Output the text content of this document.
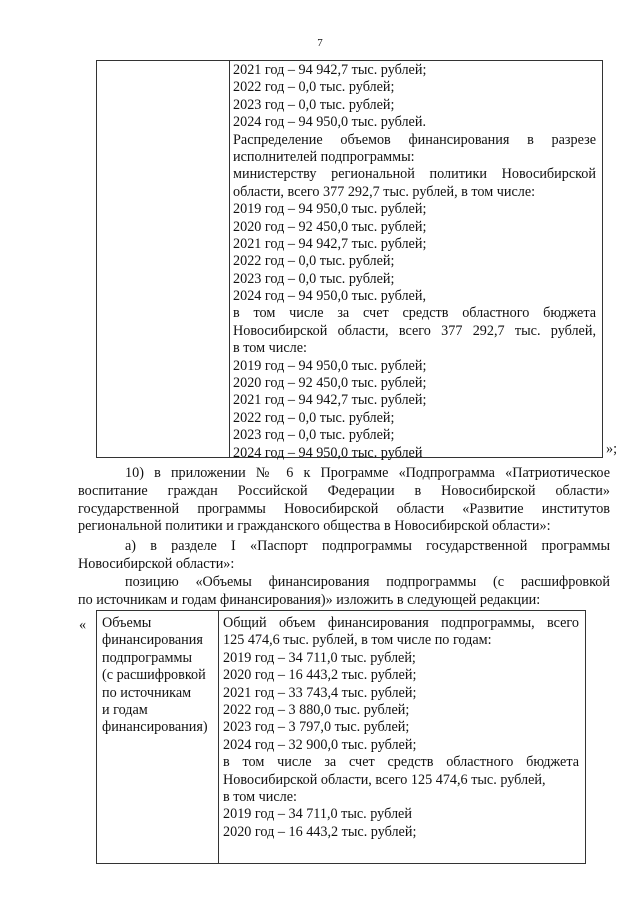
7
2021 год – 94 942,7 тыс. рублей;
2022 год – 0,0 тыс. рублей;
2023 год – 0,0 тыс. рублей;
2024 год – 94 950,0 тыс. рублей.
Распределение объемов финансирования в разрезе
исполнителей подпрограммы:
министерству региональной политики Новосибирской
области, всего 377 292,7 тыс. рублей, в том числе:
2019 год – 94 950,0 тыс. рублей;
2020 год – 92 450,0 тыс. рублей;
2021 год – 94 942,7 тыс. рублей;
2022 год – 0,0 тыс. рублей;
2023 год – 0,0 тыс. рублей;
2024 год – 94 950,0 тыс. рублей,
в том числе за счет средств областного бюджета
Новосибирской области, всего 377 292,7 тыс. рублей,
в том числе:
2019 год – 94 950,0 тыс. рублей;
2020 год – 92 450,0 тыс. рублей;
2021 год – 94 942,7 тыс. рублей;
2022 год – 0,0 тыс. рублей;
2023 год – 0,0 тыс. рублей;
2024 год – 94 950,0 тыс. рублей	»;
10) в приложении № 6 к Программе «Подпрограмма «Патриотическое
воспитание граждан Российской Федерации в Новосибирской области»
государственной программы Новосибирской области «Развитие институтов
региональной политики и гражданского общества в Новосибирской области»:
а) в разделе I «Паспорт подпрограммы государственной программы
Новосибирской области»:
позицию «Объемы финансирования подпрограммы (с расшифровкой
по источникам и годам финансирования)» изложить в следующей редакции:
« Объемы
финансирования
подпрограммы
(с расшифровкой
по источникам
и годам
финансирования)
Общий объем финансирования подпрограммы, всего
125 474,6 тыс. рублей, в том числе по годам:
2019 год – 34 711,0 тыс. рублей;
2020 год – 16 443,2 тыс. рублей;
2021 год – 33 743,4 тыс. рублей;
2022 год – 3 880,0 тыс. рублей;
2023 год – 3 797,0 тыс. рублей;
2024 год – 32 900,0 тыс. рублей;
в том числе за счет средств областного бюджета
Новосибирской области, всего 125 474,6 тыс. рублей,
в том числе:
2019 год – 34 711,0 тыс. рублей
2020 год – 16 443,2 тыс. рублей;
